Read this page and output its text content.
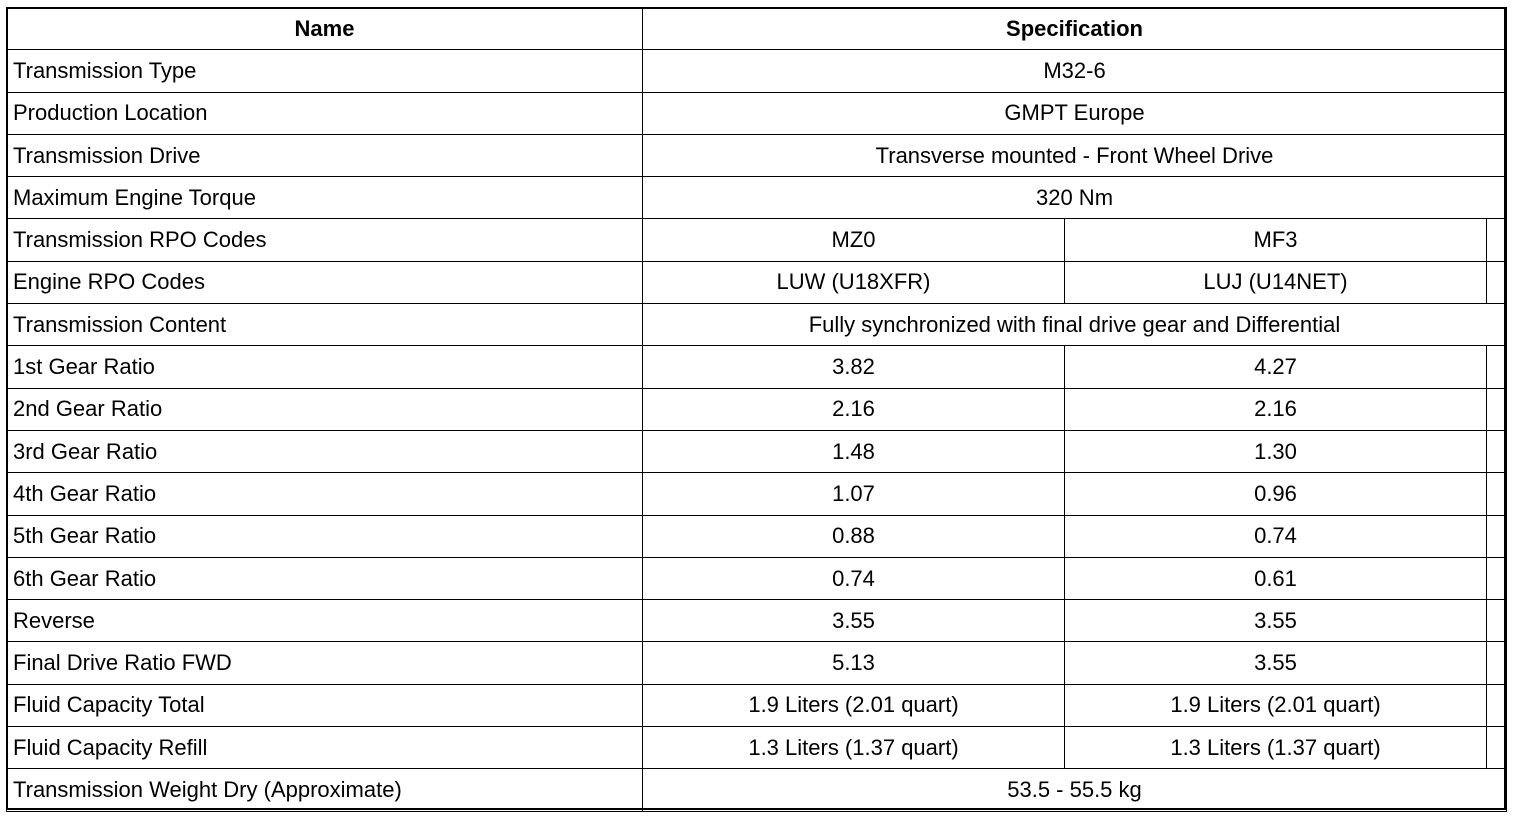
Name	Specification		
Transmission Type	M32-6		
Production Location	GMPT Europe		
Transmission Drive	Transverse mounted - Front Wheel Drive		
Maximum Engine Torque	320 Nm		
Transmission RPO Codes	MZ0	MF3	
Engine RPO Codes	LUW (U18XFR)	LUJ (U14NET)	
Transmission Content	Fully synchronized with final drive gear and Differential		
1st Gear Ratio	3.82	4.27	
2nd Gear Ratio	2.16	2.16	
3rd Gear Ratio	1.48	1.30	
4th Gear Ratio	1.07	0.96	
5th Gear Ratio	0.88	0.74	
6th Gear Ratio	0.74	0.61	
Reverse	3.55	3.55	
Final Drive Ratio FWD	5.13	3.55	
Fluid Capacity Total	1.9 Liters (2.01 quart)	1.9 Liters (2.01 quart)	
Fluid Capacity Refill	1.3 Liters (1.37 quart)	1.3 Liters (1.37 quart)	
Transmission Weight Dry (Approximate)	53.5 - 55.5 kg		
